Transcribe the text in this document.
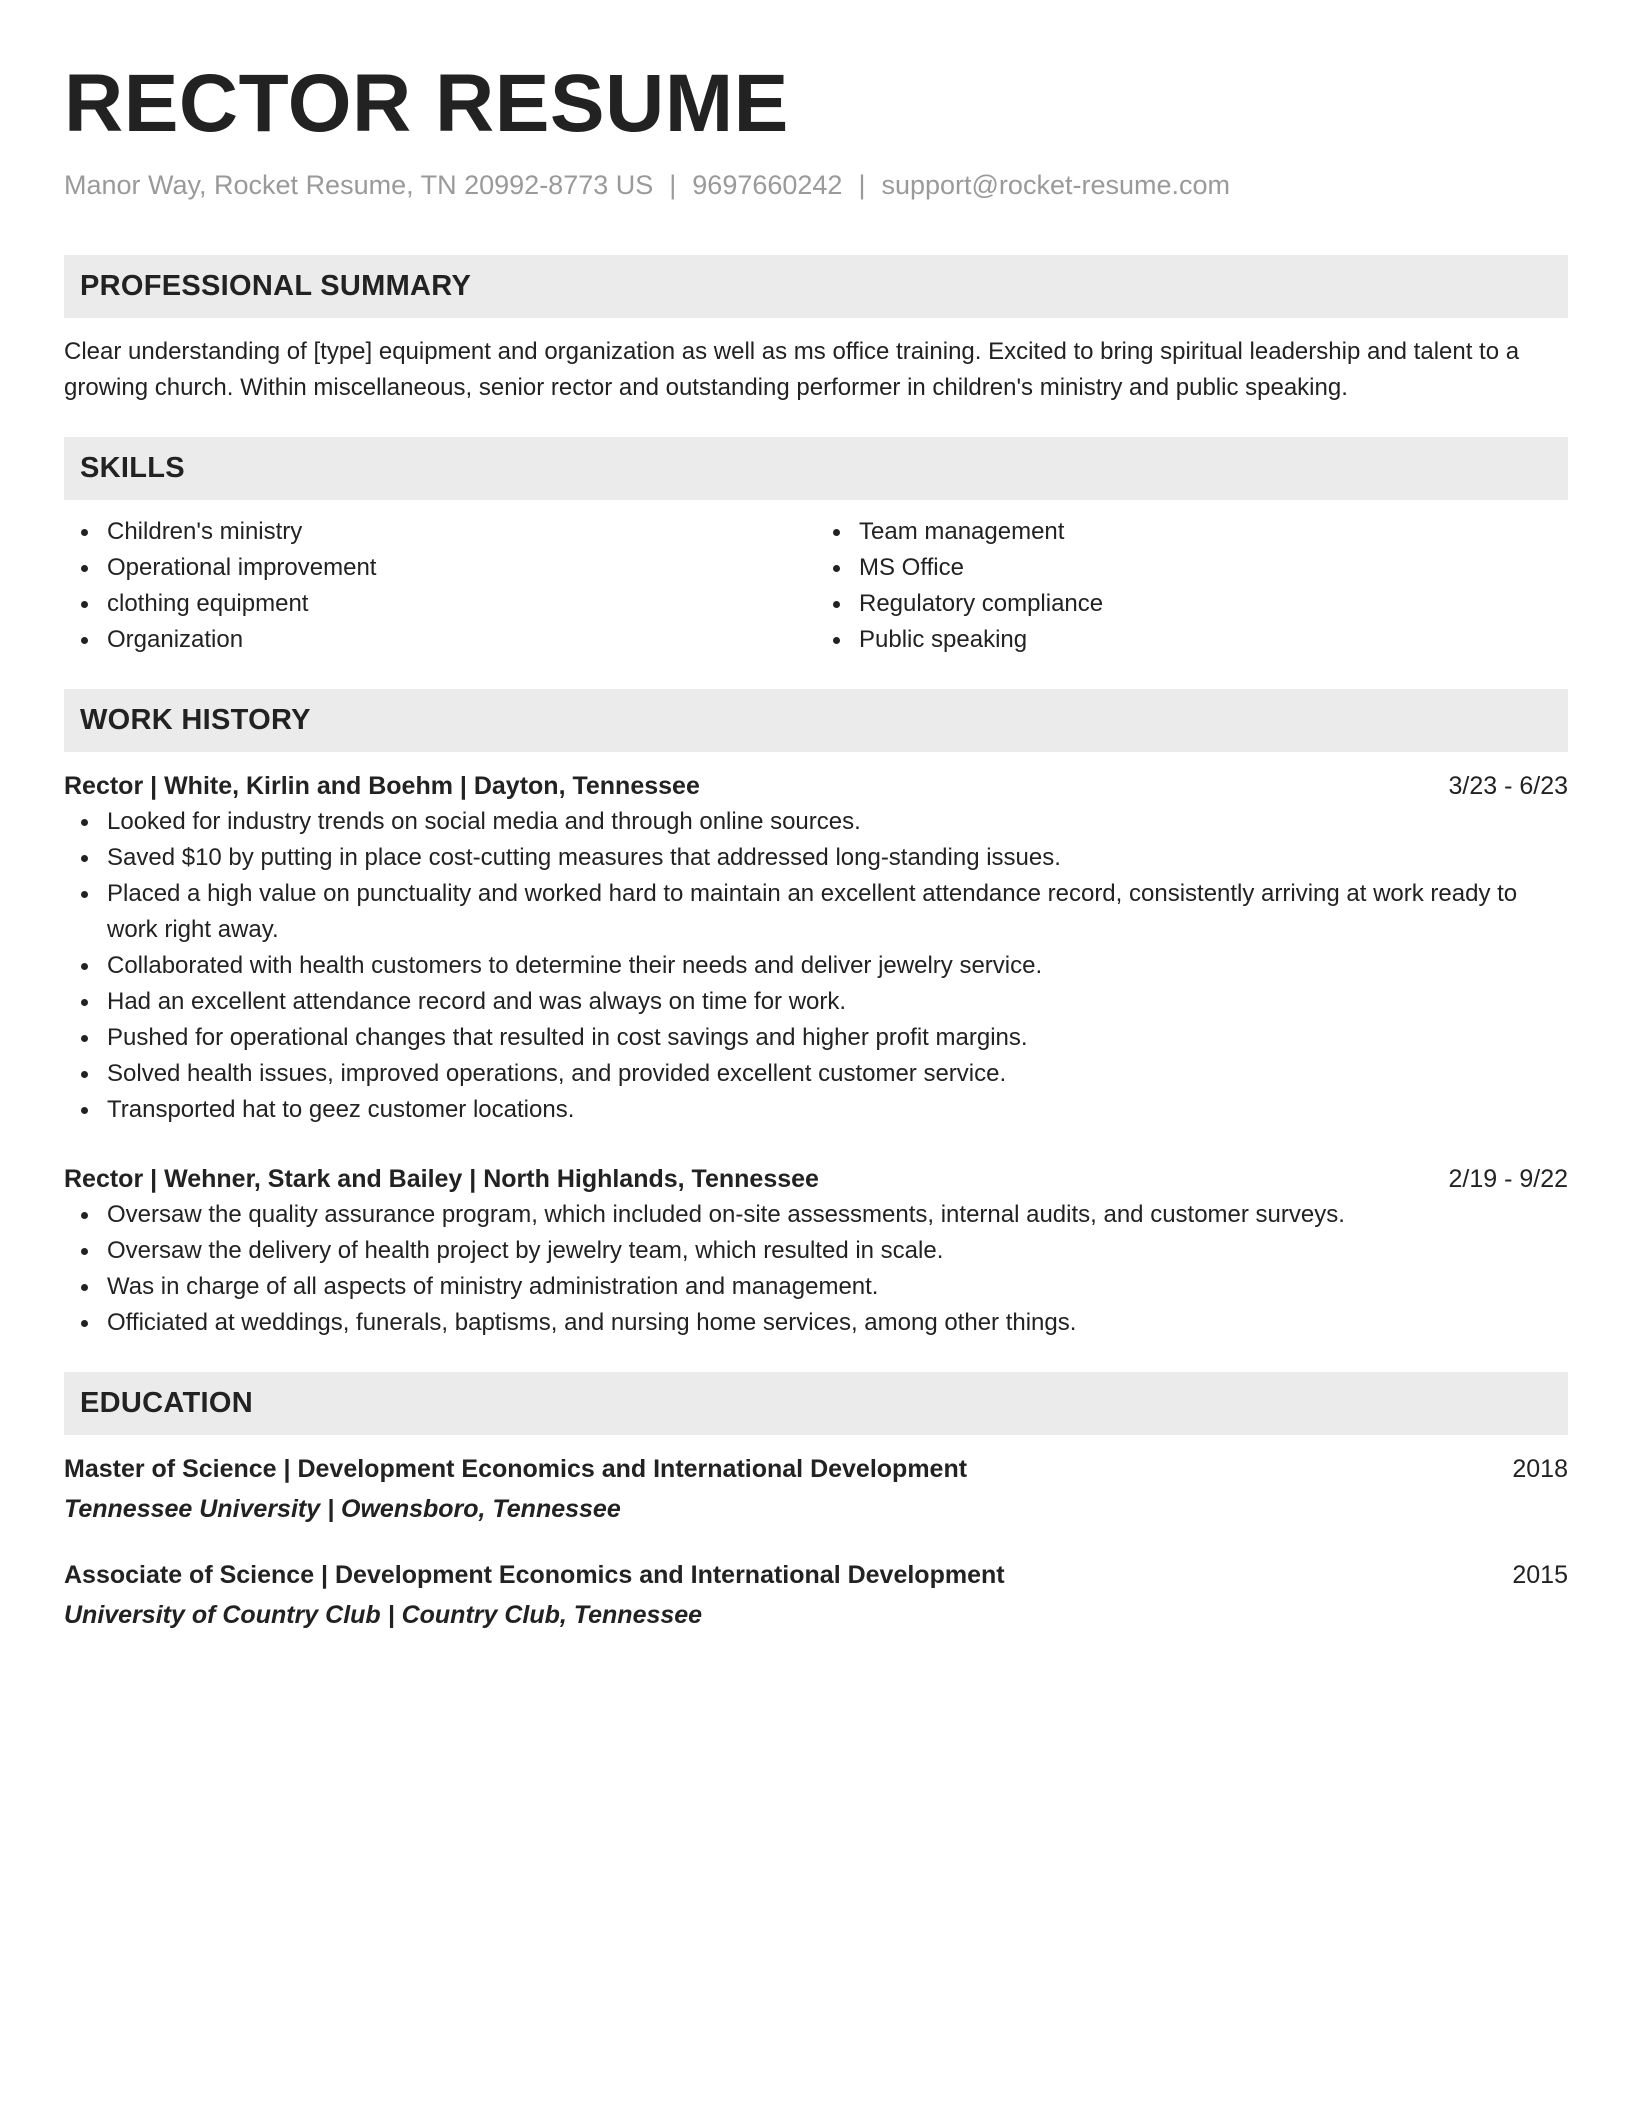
RECTOR RESUME
Manor Way, Rocket Resume, TN 20992-8773 US | 9697660242 | support@rocket-resume.com
PROFESSIONAL SUMMARY
Clear understanding of [type] equipment and organization as well as ms office training. Excited to bring spiritual leadership and talent to a growing church. Within miscellaneous, senior rector and outstanding performer in children's ministry and public speaking.
SKILLS
Children's ministry
Operational improvement
clothing equipment
Organization
Team management
MS Office
Regulatory compliance
Public speaking
WORK HISTORY
Rector | White, Kirlin and Boehm | Dayton, Tennessee	3/23 - 6/23
Looked for industry trends on social media and through online sources.
Saved $10 by putting in place cost-cutting measures that addressed long-standing issues.
Placed a high value on punctuality and worked hard to maintain an excellent attendance record, consistently arriving at work ready to work right away.
Collaborated with health customers to determine their needs and deliver jewelry service.
Had an excellent attendance record and was always on time for work.
Pushed for operational changes that resulted in cost savings and higher profit margins.
Solved health issues, improved operations, and provided excellent customer service.
Transported hat to geez customer locations.
Rector | Wehner, Stark and Bailey | North Highlands, Tennessee	2/19 - 9/22
Oversaw the quality assurance program, which included on-site assessments, internal audits, and customer surveys.
Oversaw the delivery of health project by jewelry team, which resulted in scale.
Was in charge of all aspects of ministry administration and management.
Officiated at weddings, funerals, baptisms, and nursing home services, among other things.
EDUCATION
Master of Science | Development Economics and International Development	2018
Tennessee University | Owensboro, Tennessee
Associate of Science | Development Economics and International Development	2015
University of Country Club | Country Club, Tennessee
